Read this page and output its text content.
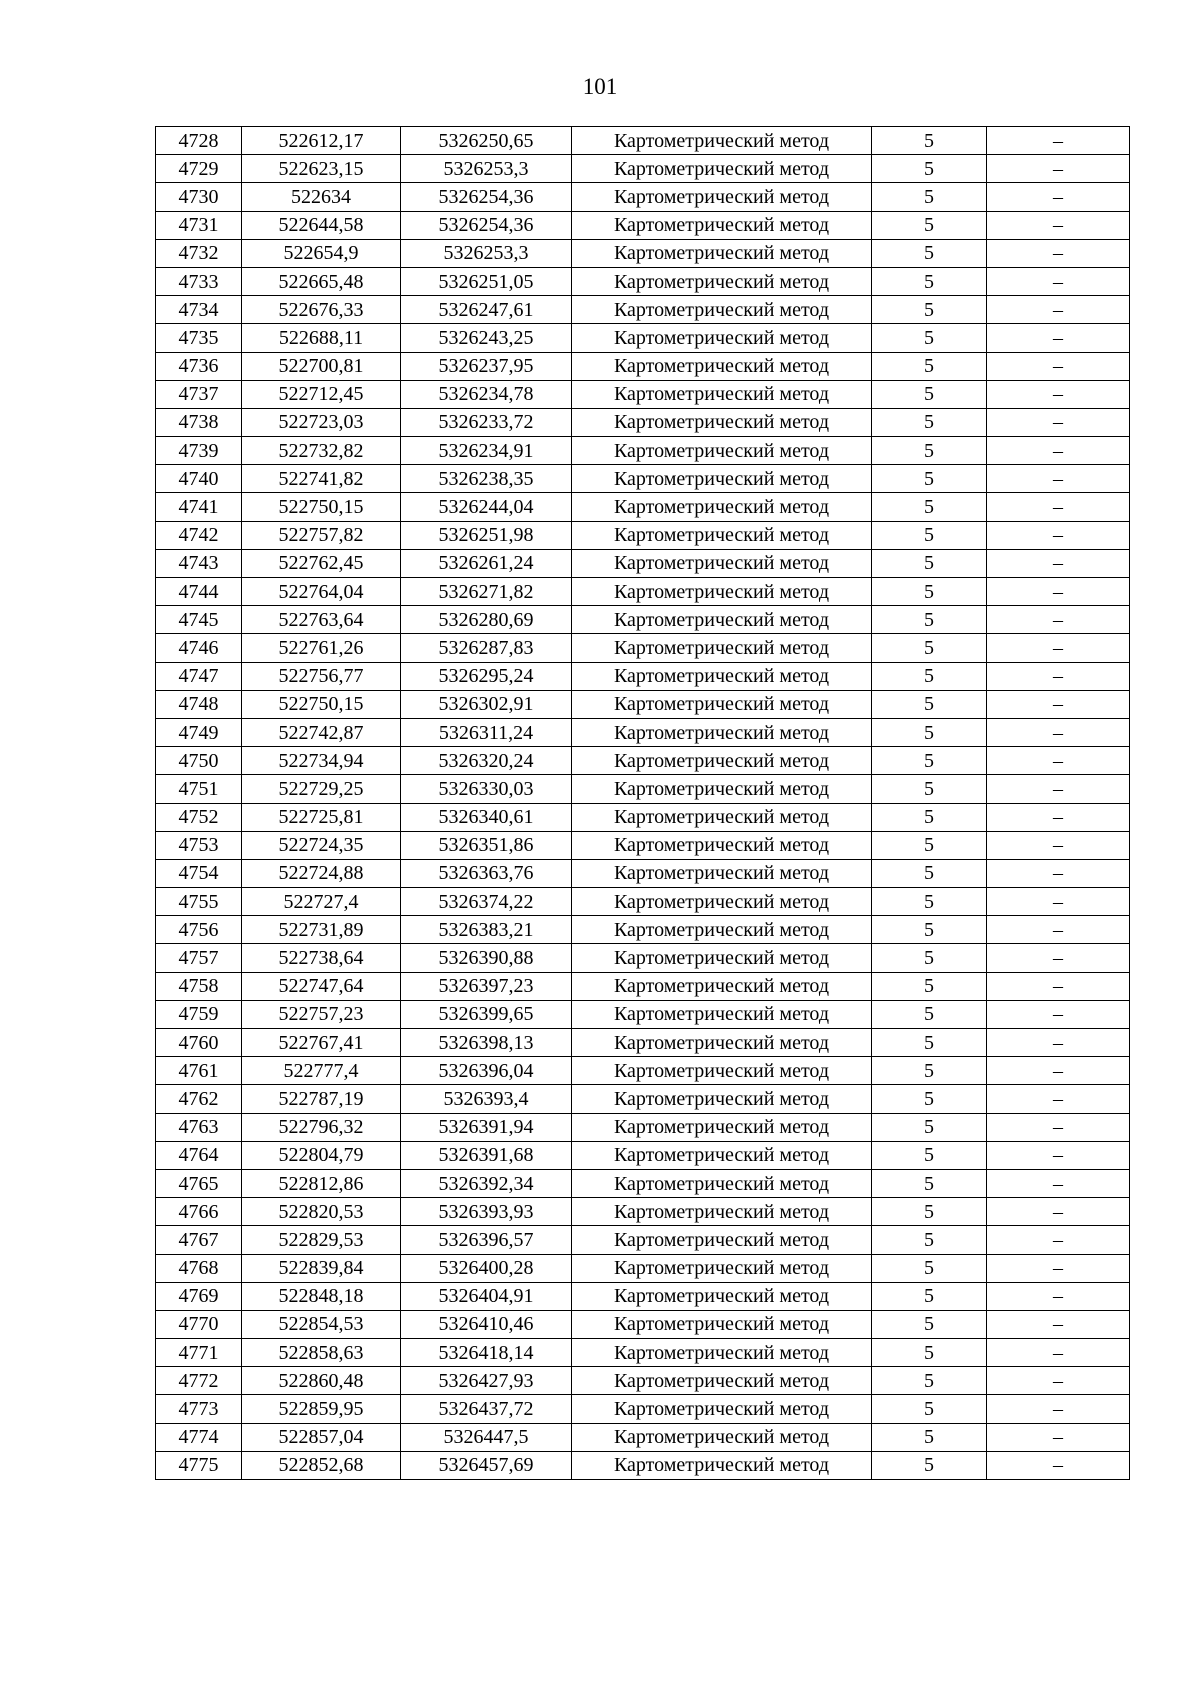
101
4728	522612,17	5326250,65	Картометрический метод	5	–
4729	522623,15	5326253,3	Картометрический метод	5	–
4730	522634	5326254,36	Картометрический метод	5	–
4731	522644,58	5326254,36	Картометрический метод	5	–
4732	522654,9	5326253,3	Картометрический метод	5	–
4733	522665,48	5326251,05	Картометрический метод	5	–
4734	522676,33	5326247,61	Картометрический метод	5	–
4735	522688,11	5326243,25	Картометрический метод	5	–
4736	522700,81	5326237,95	Картометрический метод	5	–
4737	522712,45	5326234,78	Картометрический метод	5	–
4738	522723,03	5326233,72	Картометрический метод	5	–
4739	522732,82	5326234,91	Картометрический метод	5	–
4740	522741,82	5326238,35	Картометрический метод	5	–
4741	522750,15	5326244,04	Картометрический метод	5	–
4742	522757,82	5326251,98	Картометрический метод	5	–
4743	522762,45	5326261,24	Картометрический метод	5	–
4744	522764,04	5326271,82	Картометрический метод	5	–
4745	522763,64	5326280,69	Картометрический метод	5	–
4746	522761,26	5326287,83	Картометрический метод	5	–
4747	522756,77	5326295,24	Картометрический метод	5	–
4748	522750,15	5326302,91	Картометрический метод	5	–
4749	522742,87	5326311,24	Картометрический метод	5	–
4750	522734,94	5326320,24	Картометрический метод	5	–
4751	522729,25	5326330,03	Картометрический метод	5	–
4752	522725,81	5326340,61	Картометрический метод	5	–
4753	522724,35	5326351,86	Картометрический метод	5	–
4754	522724,88	5326363,76	Картометрический метод	5	–
4755	522727,4	5326374,22	Картометрический метод	5	–
4756	522731,89	5326383,21	Картометрический метод	5	–
4757	522738,64	5326390,88	Картометрический метод	5	–
4758	522747,64	5326397,23	Картометрический метод	5	–
4759	522757,23	5326399,65	Картометрический метод	5	–
4760	522767,41	5326398,13	Картометрический метод	5	–
4761	522777,4	5326396,04	Картометрический метод	5	–
4762	522787,19	5326393,4	Картометрический метод	5	–
4763	522796,32	5326391,94	Картометрический метод	5	–
4764	522804,79	5326391,68	Картометрический метод	5	–
4765	522812,86	5326392,34	Картометрический метод	5	–
4766	522820,53	5326393,93	Картометрический метод	5	–
4767	522829,53	5326396,57	Картометрический метод	5	–
4768	522839,84	5326400,28	Картометрический метод	5	–
4769	522848,18	5326404,91	Картометрический метод	5	–
4770	522854,53	5326410,46	Картометрический метод	5	–
4771	522858,63	5326418,14	Картометрический метод	5	–
4772	522860,48	5326427,93	Картометрический метод	5	–
4773	522859,95	5326437,72	Картометрический метод	5	–
4774	522857,04	5326447,5	Картометрический метод	5	–
4775	522852,68	5326457,69	Картометрический метод	5	–
